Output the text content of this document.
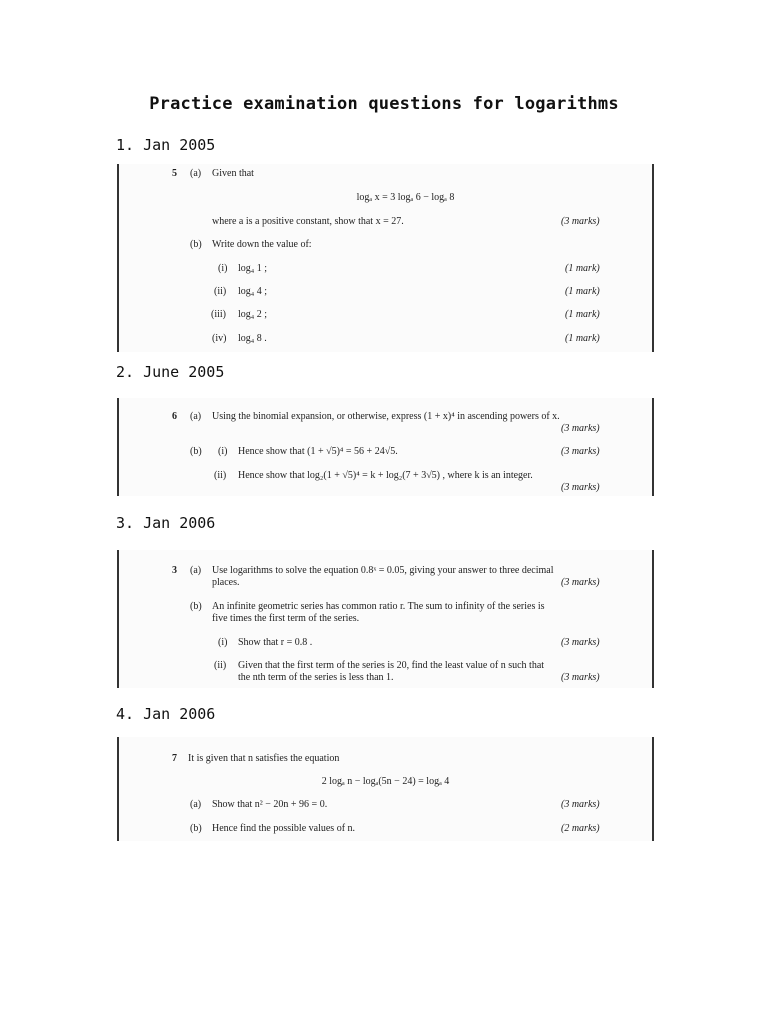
Practice examination questions for logarithms
1. Jan 2005
5 (a) Given that
logₐ x = 3 logₐ 6 − logₐ 8
where a is a positive constant, show that x = 27.	(3 marks)
(b) Write down the value of:
(i) log₄ 1 ;	(1 mark)
(ii) log₄ 4 ;	(1 mark)
(iii) log₄ 2 ;	(1 mark)
(iv) log₄ 8 .	(1 mark)
2. June 2005
6 (a) Using the binomial expansion, or otherwise, express (1 + x)⁴ in ascending powers of x.
(3 marks)
(b) (i) Hence show that (1 + √5)⁴ = 56 + 24√5.	(3 marks)
(ii) Hence show that log₂(1 + √5)⁴ = k + log₂(7 + 3√5) , where k is an integer.
(3 marks)
3. Jan 2006
3 (a) Use logarithms to solve the equation 0.8ˣ = 0.05, giving your answer to three decimal
places.	(3 marks)
(b) An infinite geometric series has common ratio r. The sum to infinity of the series is
five times the first term of the series.
(i) Show that r = 0.8 .	(3 marks)
(ii) Given that the first term of the series is 20, find the least value of n such that
the nth term of the series is less than 1.	(3 marks)
4. Jan 2006
7 It is given that n satisfies the equation
2 logₐ n − logₐ(5n − 24) = logₐ 4
(a) Show that n² − 20n + 96 = 0.	(3 marks)
(b) Hence find the possible values of n.	(2 marks)
